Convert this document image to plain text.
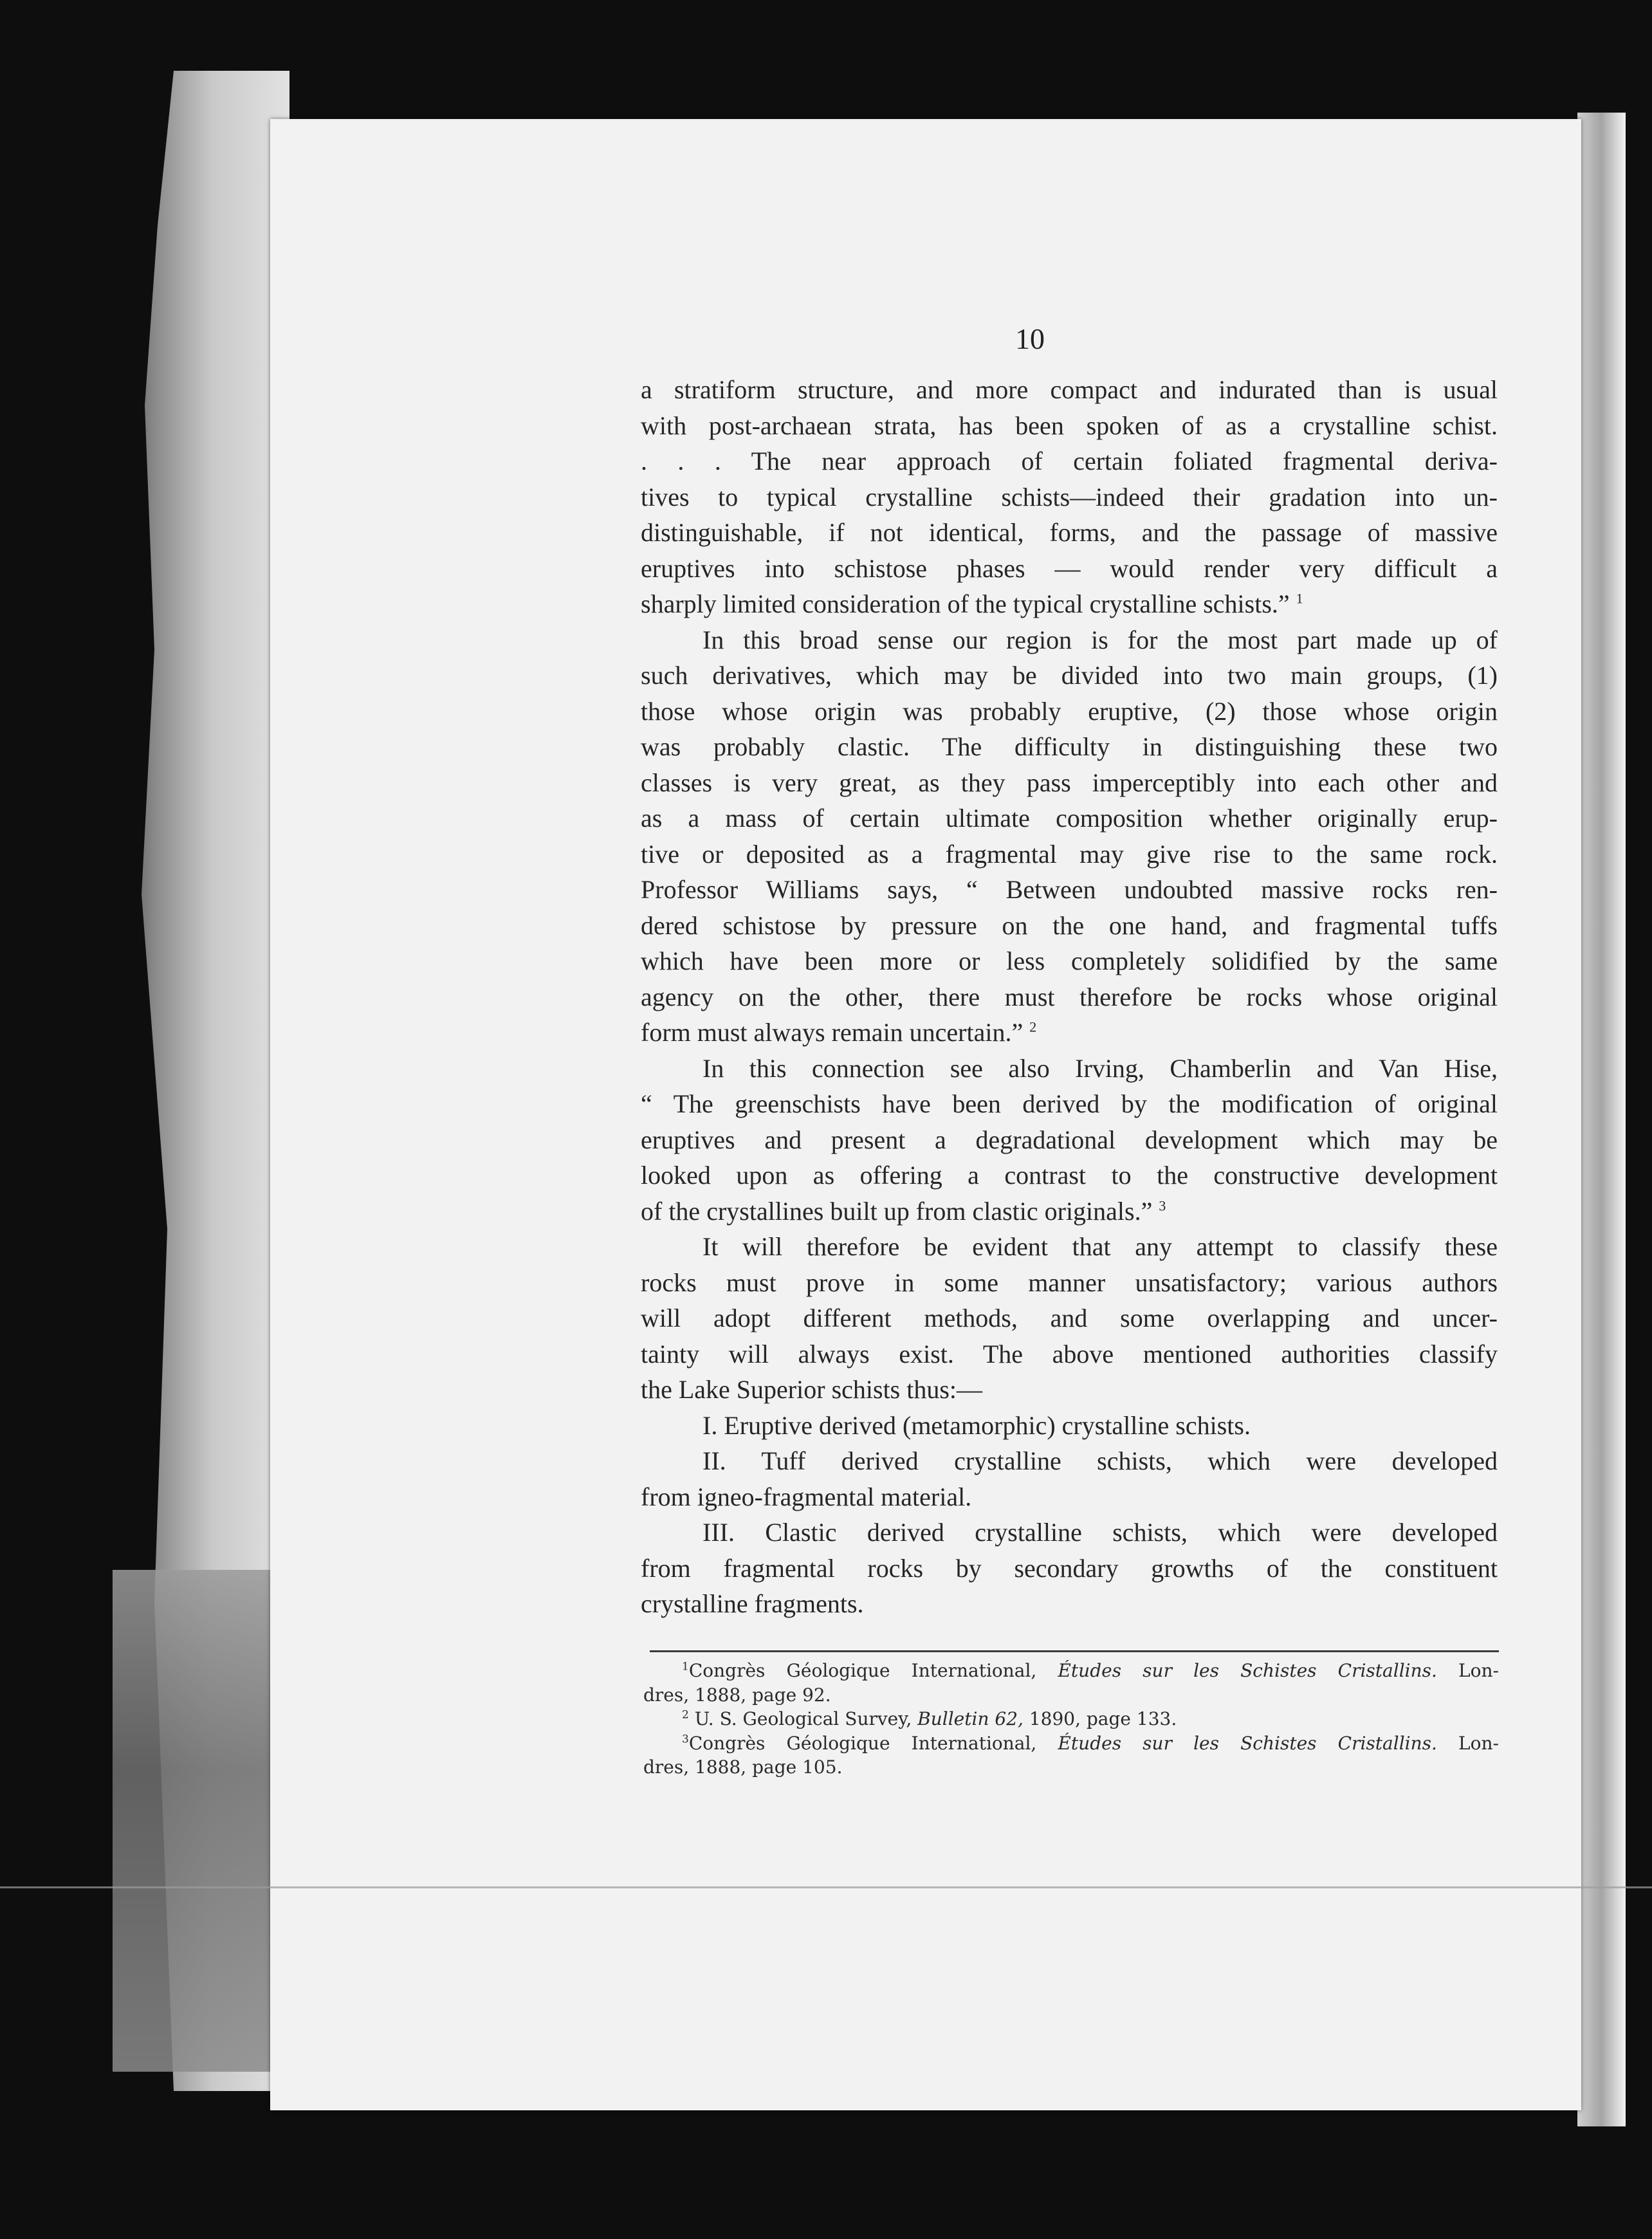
10
a stratiform structure, and more compact and indurated than is usual
with post-archaean strata, has been spoken of as a crystalline schist.
. . . The near approach of certain foliated fragmental deriva-
tives to typical crystalline schists—indeed their gradation into un-
distinguishable, if not identical, forms, and the passage of massive
eruptives into schistose phases — would render very difficult a
sharply limited consideration of the typical crystalline schists.” $^1$
In this broad sense our region is for the most part made up of
such derivatives, which may be divided into two main groups, (1)
those whose origin was probably eruptive, (2) those whose origin
was probably clastic. The difficulty in distinguishing these two
classes is very great, as they pass imperceptibly into each other and
as a mass of certain ultimate composition whether originally erup-
tive or deposited as a fragmental may give rise to the same rock.
Professor Williams says, “ Between undoubted massive rocks ren-
dered schistose by pressure on the one hand, and fragmental tuffs
which have been more or less completely solidified by the same
agency on the other, there must therefore be rocks whose original
form must always remain uncertain.” $^2$
In this connection see also Irving, Chamberlin and Van Hise,
“ The greenschists have been derived by the modification of original
eruptives and present a degradational development which may be
looked upon as offering a contrast to the constructive development
of the crystallines built up from clastic originals.” $^3$
It will therefore be evident that any attempt to classify these
rocks must prove in some manner unsatisfactory; various authors
will adopt different methods, and some overlapping and uncer-
tainty will always exist. The above mentioned authorities classify
the Lake Superior schists thus:—
I. Eruptive derived (metamorphic) crystalline schists.
II. Tuff derived crystalline schists, which were developed
from igneo-fragmental material.
III. Clastic derived crystalline schists, which were developed
from fragmental rocks by secondary growths of the constituent
crystalline fragments.
$^1$Congrès Géologique International, Études sur les Schistes Cristallins. Lon-
dres, 1888, page 92.
$^2$ U. S. Geological Survey, Bulletin 62, 1890, page 133.
$^3$Congrès Géologique International, Études sur les Schistes Cristallins. Lon-
dres, 1888, page 105.
